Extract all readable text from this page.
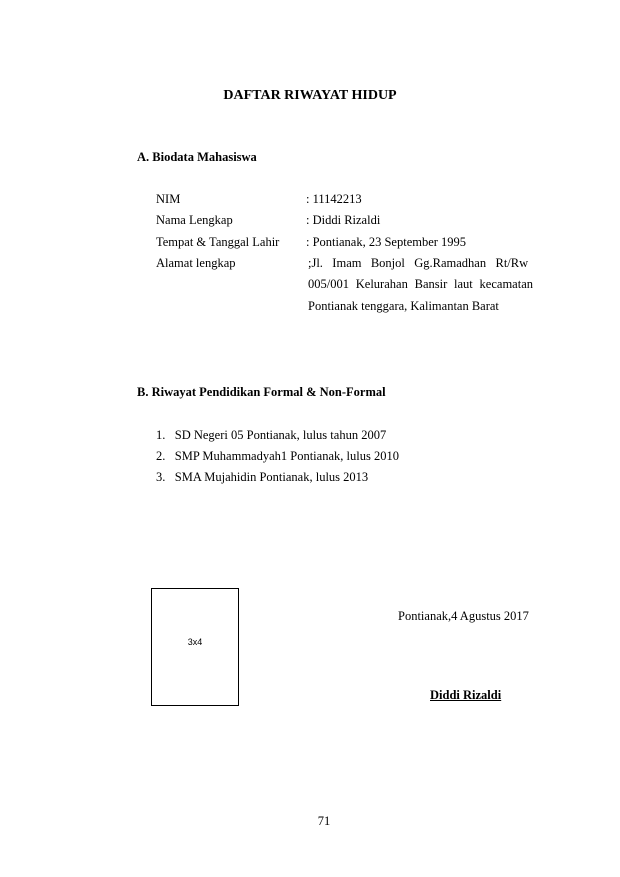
DAFTAR RIWAYAT HIDUP
A. Biodata Mahasiswa
NIM	: 11142213
Nama Lengkap	: Diddi Rizaldi
Tempat & Tanggal Lahir : Pontianak, 23 September 1995
Alamat lengkap	;Jl.   Imam   Bonjol   Gg.Ramadhan   Rt/Rw
005/001 Kelurahan Bansir laut kecamatan
Pontianak tenggara, Kalimantan Barat
B. Riwayat Pendidikan Formal & Non-Formal
1.   SD Negeri 05 Pontianak, lulus tahun 2007
2.   SMP Muhammadyah1 Pontianak, lulus 2010
3.   SMA Mujahidin Pontianak, lulus 2013
3x4
Pontianak,4 Agustus 2017
Diddi Rizaldi
71
